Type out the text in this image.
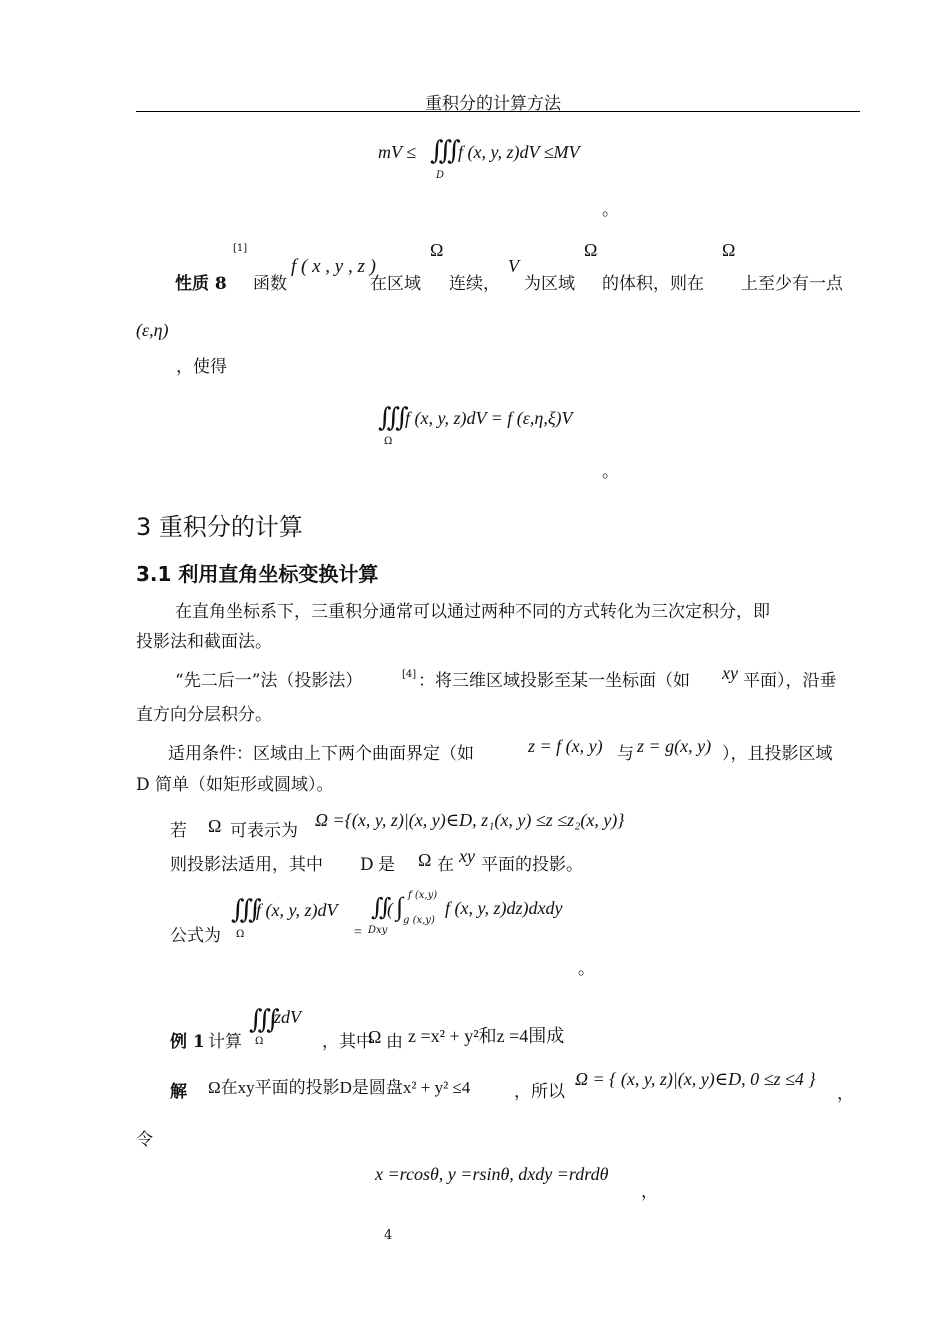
重积分的计算方法
mV ≤ ∭
D
f (x, y, z)dV ≤MV
。
[1]	Ω	Ω	Ω
性质 8 函数
f ( x , y , z )
在区域 连续，
V
为区域 的体积，则在 上至少有一点
(ε,η)
，使得
∭
Ω
f (x, y, z)dV = f (ε,η,ξ)V
。
3 重积分的计算
3.1 利用直角坐标变换计算
在直角坐标系下，三重积分通常可以通过两种不同的方式转化为三次定积分，即
投影法和截面法。
“先二后一”法（投影法）	[4] ：将三维区域投影至某一坐标面（如 xy 平面），沿垂
直方向分层积分。
适用条件：区域由上下两个曲面界定（如	z = f (x, y) 与 z = g(x, y) ），且投影区域
D 简单（如矩形或圆域）。
若 Ω 可表示为
Ω ={(x, y, z)|(x, y)∈D, z₁(x, y) ≤z ≤z₂(x, y)}
则投影法适用，其中 D 是 Ω 在 xy 平面的投影。
公式为
∭
Ω
f (x, y, z)dV
=
∬
Dxy
( ∫ f (x,y)
g (x,y)
f (x, y, z)dz)dxdy
。
∭
Ω
zdV
例 1 计算	，其中
Ω 由 z =x² + y²和z =4围成
解 Ω在xy平面的投影D是圆盘x² + y² ≤4	，所以
Ω = { (x, y, z)|(x, y)∈D, 0 ≤z ≤4 }
，
令
x =rcosθ, y =rsinθ, dxdy =rdrdθ
，
4
